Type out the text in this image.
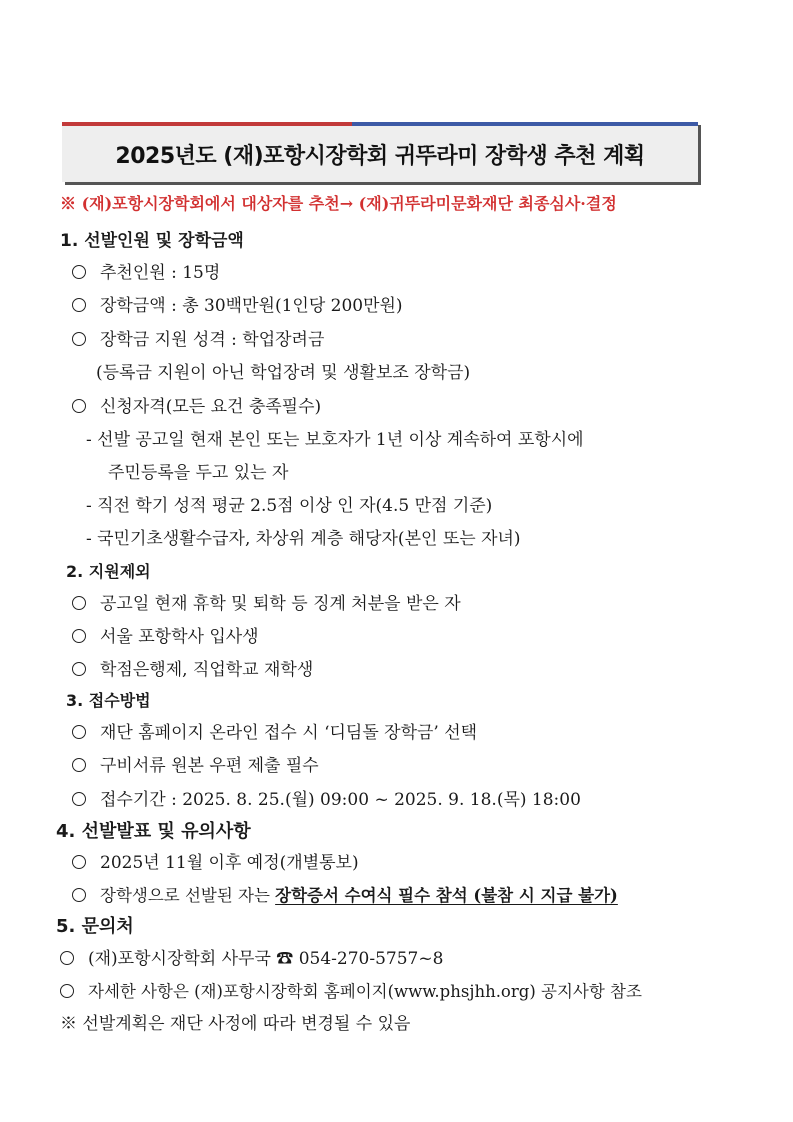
2025년도 (재)포항시장학회 귀뚜라미 장학생 추천 계획
※ (재)포항시장학회에서 대상자를 추천→ (재)귀뚜라미문화재단 최종심사·결정
1. 선발인원 및 장학금액
추천인원 : 15명
장학금액 : 총 30백만원(1인당 200만원)
장학금 지원 성격 : 학업장려금
(등록금 지원이 아닌 학업장려 및 생활보조 장학금)
신청자격(모든 요건 충족필수)
- 선발 공고일 현재 본인 또는 보호자가 1년 이상 계속하여 포항시에
주민등록을 두고 있는 자
- 직전 학기 성적 평균 2.5점 이상 인 자(4.5 만점 기준)
- 국민기초생활수급자, 차상위 계층 해당자(본인 또는 자녀)
2. 지원제외
공고일 현재 휴학 및 퇴학 등 징계 처분을 받은 자
서울 포항학사 입사생
학점은행제, 직업학교 재학생
3. 접수방법
재단 홈페이지 온라인 접수 시 ‘디딤돌 장학금’ 선택
구비서류 원본 우편 제출 필수
접수기간 : 2025. 8. 25.(월) 09:00 ~ 2025. 9. 18.(목) 18:00
4. 선발발표 및 유의사항
2025년 11월 이후 예정(개별통보)
장학생으로 선발된 자는 장학증서 수여식 필수 참석 (불참 시 지급 불가)
5. 문의처
(재)포항시장학회 사무국 ☎ 054-270-5757~8
자세한 사항은 (재)포항시장학회 홈페이지(www.phsjhh.org) 공지사항 참조
※ 선발계획은 재단 사정에 따라 변경될 수 있음
